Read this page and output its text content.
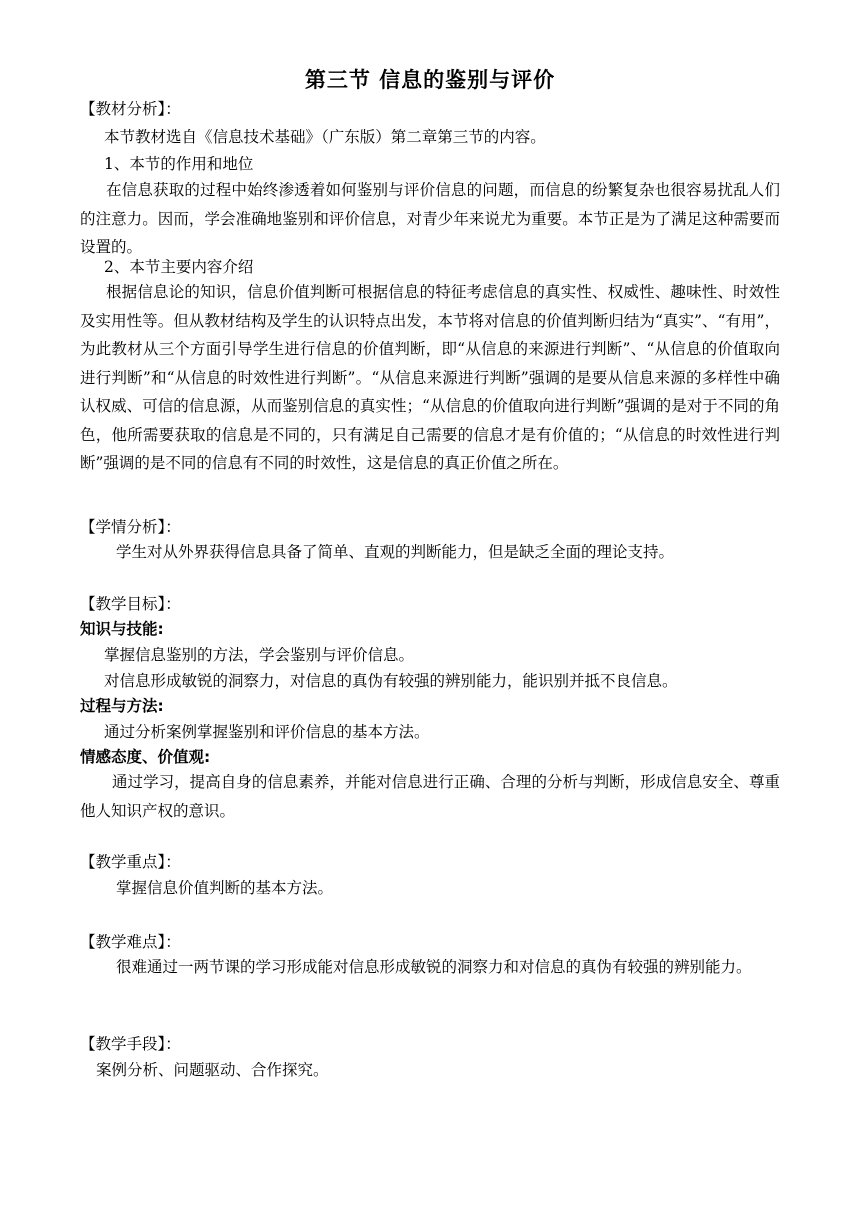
第三节 信息的鉴别与评价
【教材分析】：
本节教材选自《信息技术基础》（广东版）第二章第三节的内容。
1、本节的作用和地位
在信息获取的过程中始终渗透着如何鉴别与评价信息的问题，而信息的纷繁复杂也很容易扰乱人们的注意力。因而，学会准确地鉴别和评价信息，对青少年来说尤为重要。本节正是为了满足这种需要而设置的。
2、本节主要内容介绍
根据信息论的知识，信息价值判断可根据信息的特征考虑信息的真实性、权威性、趣味性、时效性及实用性等。但从教材结构及学生的认识特点出发，本节将对信息的价值判断归结为“真实”、“有用”，为此教材从三个方面引导学生进行信息的价值判断，即“从信息的来源进行判断”、“从信息的价值取向进行判断”和“从信息的时效性进行判断”。“从信息来源进行判断”强调的是要从信息来源的多样性中确认权威、可信的信息源，从而鉴别信息的真实性；“从信息的价值取向进行判断”强调的是对于不同的角色，他所需要获取的信息是不同的，只有满足自己需要的信息才是有价值的；“从信息的时效性进行判断”强调的是不同的信息有不同的时效性，这是信息的真正价值之所在。
【学情分析】：
学生对从外界获得信息具备了简单、直观的判断能力，但是缺乏全面的理论支持。
【教学目标】：
知识与技能:
掌握信息鉴别的方法，学会鉴别与评价信息。
对信息形成敏锐的洞察力，对信息的真伪有较强的辨别能力，能识别并抵不良信息。
过程与方法:
通过分析案例掌握鉴别和评价信息的基本方法。
情感态度、价值观:
通过学习，提高自身的信息素养，并能对信息进行正确、合理的分析与判断，形成信息安全、尊重他人知识产权的意识。
【教学重点】：
掌握信息价值判断的基本方法。
【教学难点】：
很难通过一两节课的学习形成能对信息形成敏锐的洞察力和对信息的真伪有较强的辨别能力。
【教学手段】：
案例分析、问题驱动、合作探究。
